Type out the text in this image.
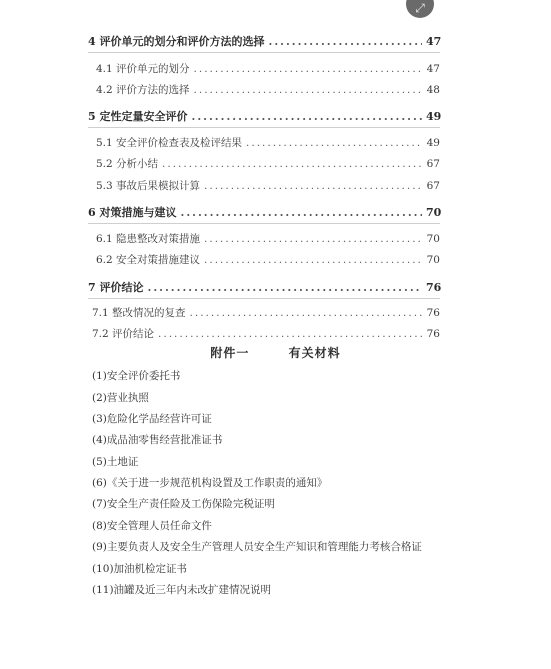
⤢
4 评价单元的划分和评价方法的选择 .....	47
4.1 评价单元的划分 .....	47
4.2 评价方法的选择 .....	48
5 定性定量安全评价 .....	49
5.1 安全评价检查表及检评结果 .....	49
5.2 分析小结 .....	67
5.3 事故后果模拟计算 .....	67
6 对策措施与建议 .....	70
6.1 隐患整改对策措施 .....	70
6.2 安全对策措施建议 .....	70
7 评价结论 .....	76
7.1 整改情况的复查 .....	76
7.2 评价结论 .....	76
附件一	有关材料
(1)安全评价委托书
(2)营业执照
(3)危险化学品经营许可证
(4)成品油零售经营批准证书
(5)土地证
(6)《关于进一步规范机构设置及工作职责的通知》
(7)安全生产责任险及工伤保险完税证明
(8)安全管理人员任命文件
(9)主要负责人及安全生产管理人员安全生产知识和管理能力考核合格证
(10)加油机检定证书
(11)油罐及近三年内未改扩建情况说明
